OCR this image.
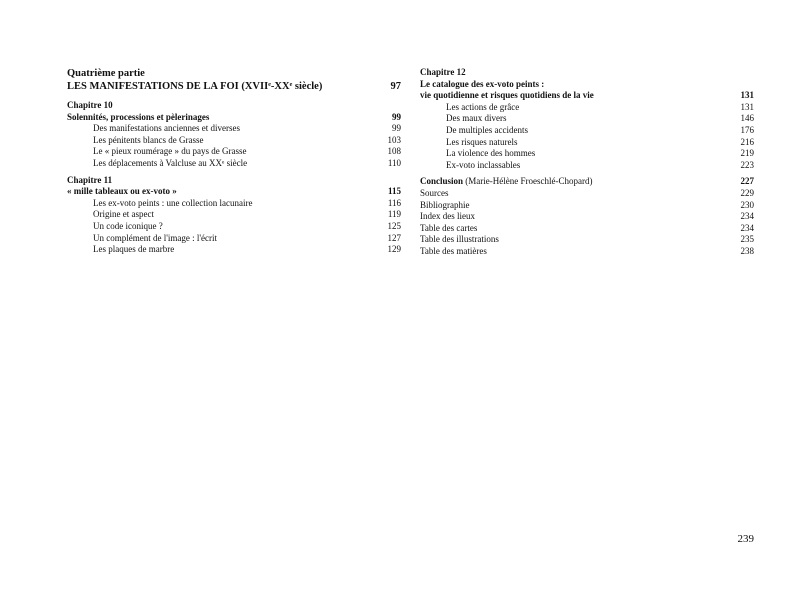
Quatrième partie
LES MANIFESTATIONS DE LA FOI (XVIIᵉ-XXᵉ siècle)	97
Chapitre 10
Solennités, processions et pèlerinages	99
Des manifestations anciennes et diverses	99
Les pénitents blancs de Grasse	103
Le « pieux roumérage » du pays de Grasse	108
Les déplacements à Valcluse au XXᵉ siècle	110
Chapitre 11
« mille tableaux ou ex-voto »	115
Les ex-voto peints : une collection lacunaire	116
Origine et aspect	119
Un code iconique ?	125
Un complément de l'image : l'écrit	127
Les plaques de marbre	129
Chapitre 12
Le catalogue des ex-voto peints :
vie quotidienne et risques quotidiens de la vie	131
Les actions de grâce	131
Des maux divers	146
De multiples accidents	176
Les risques naturels	216
La violence des hommes	219
Ex-voto inclassables	223
Conclusion (Marie-Hélène Froeschlé-Chopard)	227
Sources	229
Bibliographie	230
Index des lieux	234
Table des cartes	234
Table des illustrations	235
Table des matières	238
239
